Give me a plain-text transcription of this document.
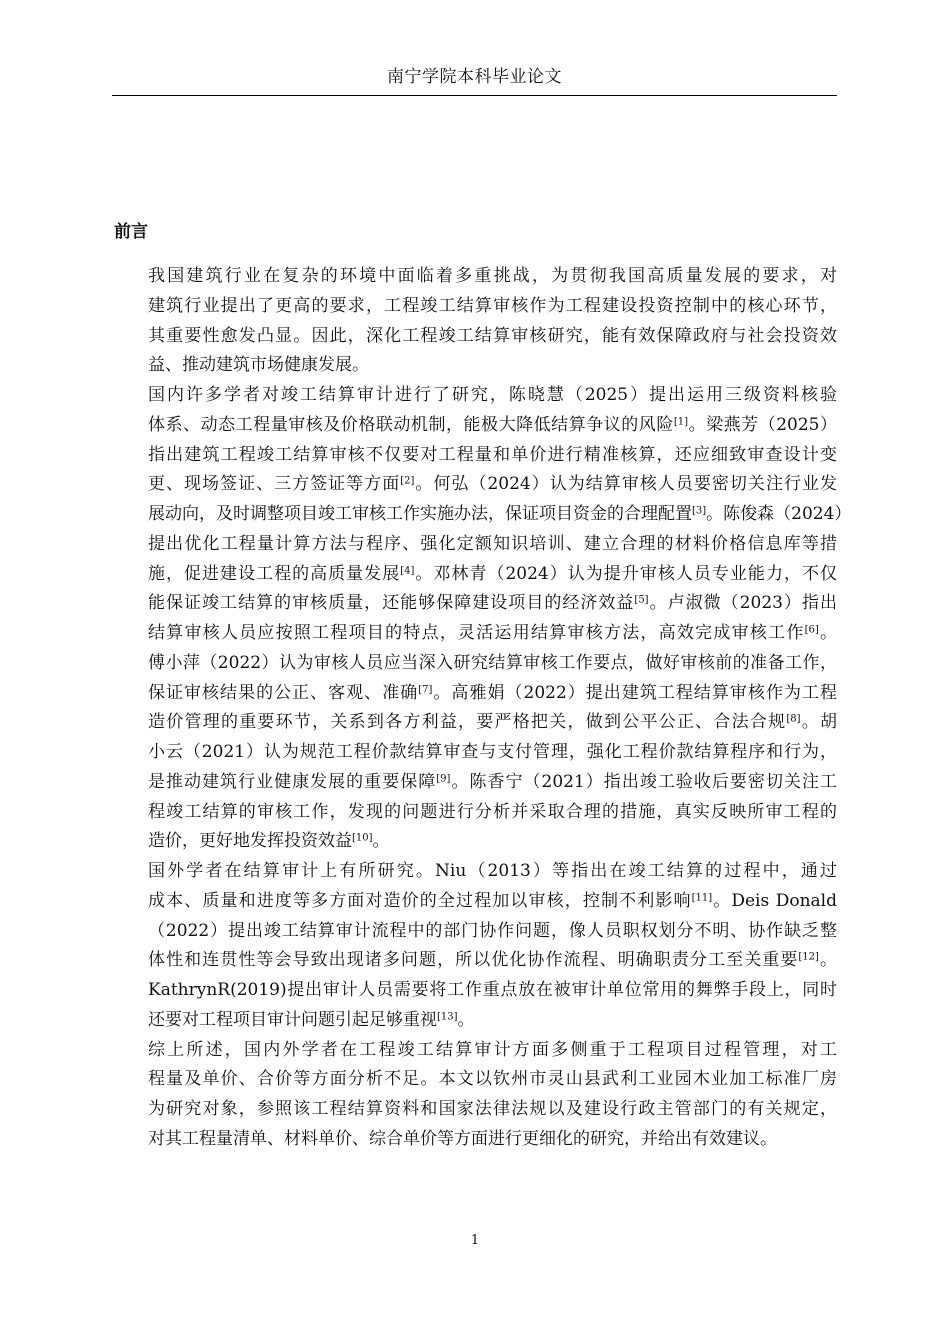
南宁学院本科毕业论文
前言

我国建筑行业在复杂的环境中面临着多重挑战，为贯彻我国高质量发展的要求，对
建筑行业提出了更高的要求，工程竣工结算审核作为工程建设投资控制中的核心环节，
其重要性愈发凸显。因此，深化工程竣工结算审核研究，能有效保障政府与社会投资效
益、推动建筑市场健康发展。

国内许多学者对竣工结算审计进行了研究，陈晓慧（2025）提出运用三级资料核验
体系、动态工程量审核及价格联动机制，能极大降低结算争议的风险[1]。梁燕芳（2025）
指出建筑工程竣工结算审核不仅要对工程量和单价进行精准核算，还应细致审查设计变
更、现场签证、三方签证等方面[2]。何弘（2024）认为结算审核人员要密切关注行业发
展动向，及时调整项目竣工审核工作实施办法，保证项目资金的合理配置[3]。陈俊森（2024）
提出优化工程量计算方法与程序、强化定额知识培训、建立合理的材料价格信息库等措
施，促进建设工程的高质量发展[4]。邓林青（2024）认为提升审核人员专业能力，不仅
能保证竣工结算的审核质量，还能够保障建设项目的经济效益[5]。卢淑微（2023）指出
结算审核人员应按照工程项目的特点，灵活运用结算审核方法，高效完成审核工作[6]。
傅小萍（2022）认为审核人员应当深入研究结算审核工作要点，做好审核前的准备工作，
保证审核结果的公正、客观、准确[7]。高雅娟（2022）提出建筑工程结算审核作为工程
造价管理的重要环节，关系到各方利益，要严格把关，做到公平公正、合法合规[8]。胡
小云（2021）认为规范工程价款结算审查与支付管理，强化工程价款结算程序和行为，
是推动建筑行业健康发展的重要保障[9]。陈香宁（2021）指出竣工验收后要密切关注工
程竣工结算的审核工作，发现的问题进行分析并采取合理的措施，真实反映所审工程的
造价，更好地发挥投资效益[10]。

国外学者在结算审计上有所研究。Niu（2013）等指出在竣工结算的过程中，通过
成本、质量和进度等多方面对造价的全过程加以审核，控制不利影响[11]。Deis Donald
（2022）提出竣工结算审计流程中的部门协作问题，像人员职权划分不明、协作缺乏整
体性和连贯性等会导致出现诸多问题，所以优化协作流程、明确职责分工至关重要[12]。
KathrynR(2019)提出审计人员需要将工作重点放在被审计单位常用的舞弊手段上，同时
还要对工程项目审计问题引起足够重视[13]。

综上所述，国内外学者在工程竣工结算审计方面多侧重于工程项目过程管理，对工
程量及单价、合价等方面分析不足。本文以钦州市灵山县武利工业园木业加工标准厂房
为研究对象，参照该工程结算资料和国家法律法规以及建设行政主管部门的有关规定，
对其工程量清单、材料单价、综合单价等方面进行更细化的研究，并给出有效建议。

1
